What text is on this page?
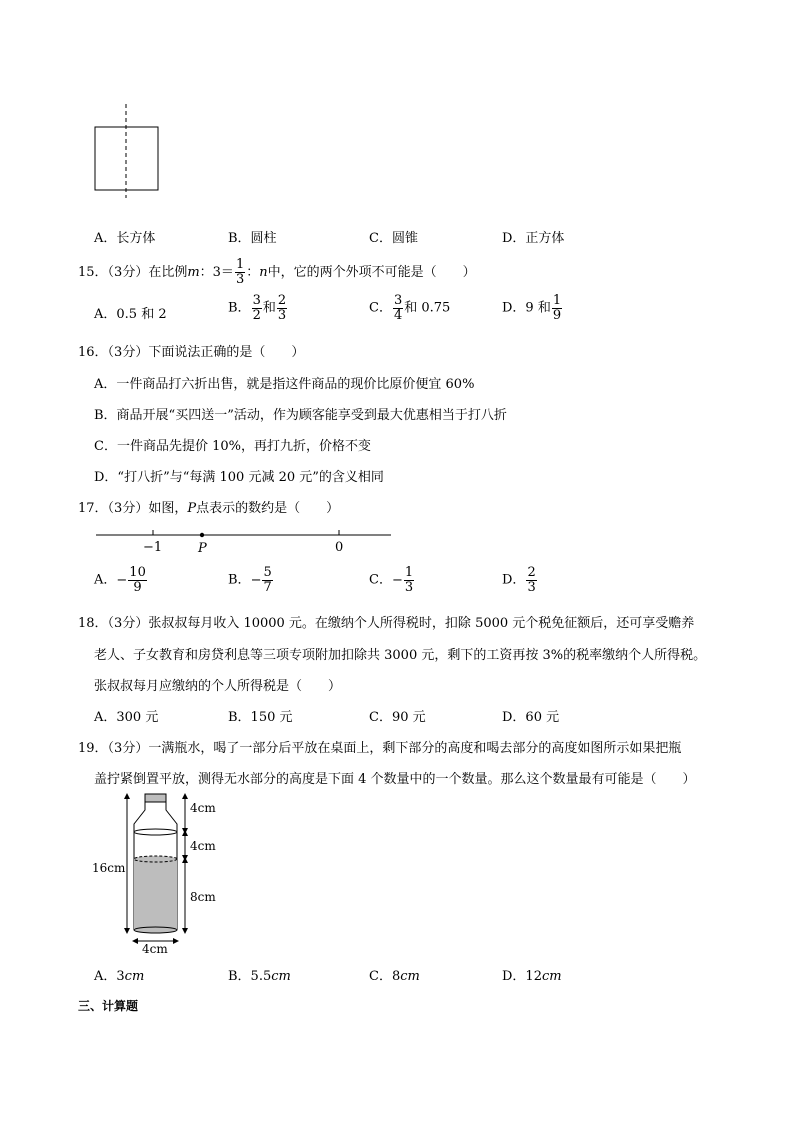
A．长方体	B．圆柱	C．圆锥	D．正方体
15．（3分）在比例m：$3= \frac{1}{3}$ ：n中，它的两个外项不可能是（　　）
A．0.5 和 2	B． $\frac{3}{2}$ 和 $\frac{2}{3}$	C． $\frac{3}{4}$ 和 0.75	D．9 和 $\frac{1}{9}$
16．（3分）下面说法正确的是（　　）
A．一件商品打六折出售，就是指这件商品的现价比原价便宜 60%
B．商品开展“买四送一”活动，作为顾客能享受到最大优惠相当于打八折
C．一件商品先提价 10%，再打九折，价格不变
D．“打八折”与“每满 100 元减 20 元”的含义相同
17．（3分）如图，P点表示的数约是（　　）
−1	P	0
A．− $\frac{10}{9}$	B．− $\frac{5}{7}$	C．− $\frac{1}{3}$	D． $\frac{2}{3}$
18．（3分）张叔叔每月收入 10000 元。在缴纳个人所得税时，扣除 5000 元个税免征额后，还可享受赡养
老人、子女教育和房贷利息等三项专项附加扣除共 3000 元，剩下的工资再按 3%的税率缴纳个人所得税。
张叔叔每月应缴纳的个人所得税是（　　）
A．300 元	B．150 元	C．90 元	D．60 元
19．（3分）一满瓶水，喝了一部分后平放在桌面上，剩下部分的高度和喝去部分的高度如图所示如果把瓶
盖拧紧倒置平放，测得无水部分的高度是下面 4 个数量中的一个数量。那么这个数量最有可能是（　　）
4cm
4cm
8cm
16cm
4cm
A．3cm	B．5.5cm	C．8cm	D．12cm
三、计算题
